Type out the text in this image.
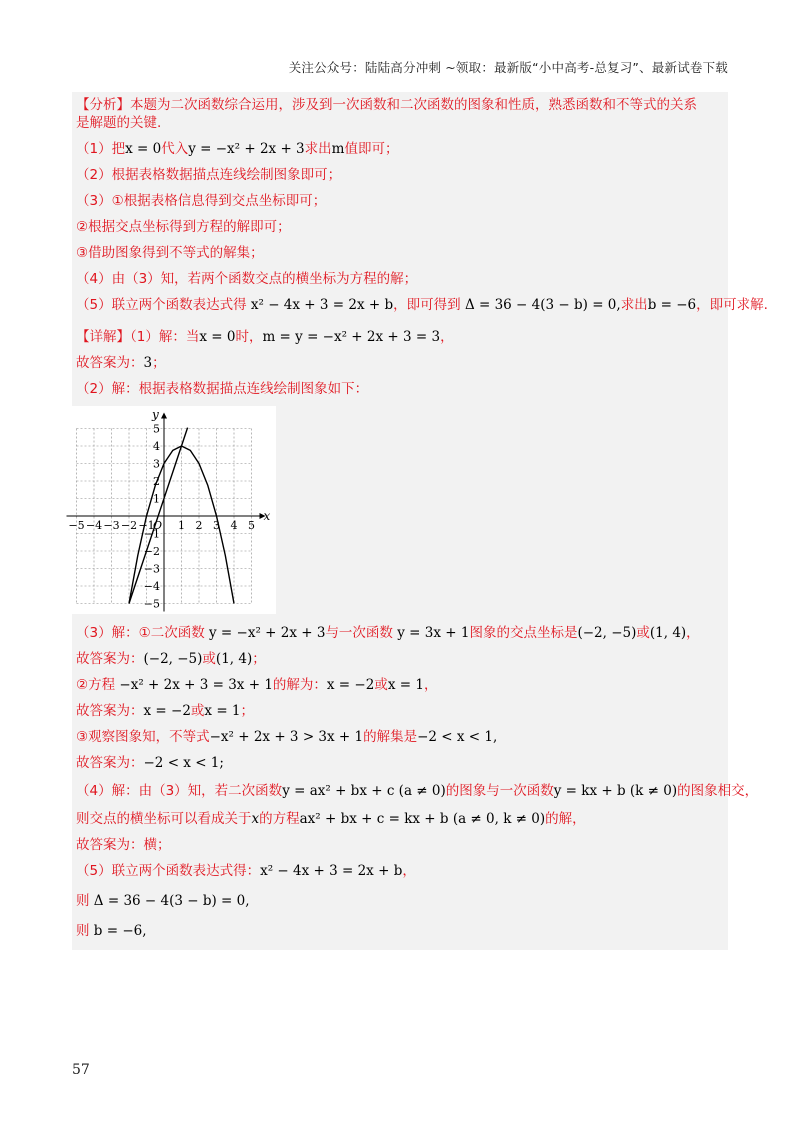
关注公众号：陆陆高分冲刺 ~领取：最新版“小中高考-总复习”、最新试卷下载
【分析】本题为二次函数综合运用，涉及到一次函数和二次函数的图象和性质，熟悉函数和不等式的关系
是解题的关键.
（1）把x = 0代入y = −x² + 2x + 3求出m值即可；
（2）根据表格数据描点连线绘制图象即可；
（3）①根据表格信息得到交点坐标即可；
②根据交点坐标得到方程的解即可；
③借助图象得到不等式的解集；
（4）由（3）知，若两个函数交点的横坐标为方程的解；
（5）联立两个函数表达式得 x² − 4x + 3 = 2x + b，即可得到 Δ = 36 − 4(3 − b) = 0,求出b = −6，即可求解.
【详解】（1）解：当x = 0时，m = y = −x² + 2x + 3 = 3，
故答案为：3；
（2）解：根据表格数据描点连线绘制图象如下：
x
y
O
−5 −4 −3 −2 −1 1 2 3 4 5
5
4
3
2
1
−1
−2
−3
−4
−5
（3）解：①二次函数 y = −x² + 2x + 3与一次函数 y = 3x + 1图象的交点坐标是(−2, −5)或(1, 4)，
故答案为：(−2, −5)或(1, 4)；
②方程 −x² + 2x + 3 = 3x + 1的解为：x = −2或x = 1，
故答案为：x = −2或x = 1；
③观察图象知，不等式−x² + 2x + 3 > 3x + 1的解集是−2 < x < 1,
故答案为：−2 < x < 1;
（4）解：由（3）知，若二次函数y = ax² + bx + c (a ≠ 0)的图象与一次函数y = kx + b (k ≠ 0)的图象相交，
则交点的横坐标可以看成关于x的方程ax² + bx + c = kx + b (a ≠ 0, k ≠ 0)的解，
故答案为：横；
（5）联立两个函数表达式得：x² − 4x + 3 = 2x + b，
则 Δ = 36 − 4(3 − b) = 0,
则 b = −6,
57
